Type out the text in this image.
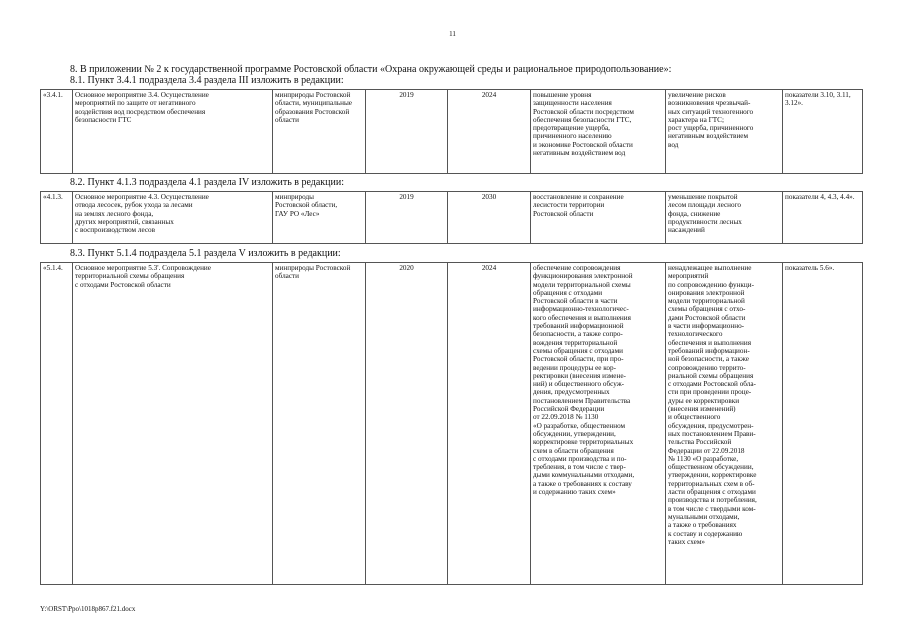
11
8. В приложении № 2 к государственной программе Ростовской области «Охрана окружающей среды и рациональное природопользование»:
8.1. Пункт 3.4.1 подраздела 3.4 раздела III изложить в редакции:
«3.4.1.	Основное мероприятие 3.4. Осуществление
мероприятий по защите от негативного
воздействия вод посредством обеспечения
безопасности ГТС	минприроды Ростовской
области, муниципальные
образования Ростовской
области	2019	2024	повышение уровня
защищенности населения
Ростовской области посредством
обеспечения безопасности ГТС,
предотвращение ущерба,
причиненного населению
и экономике Ростовской области
негативным воздействием вод	увеличение рисков
возникновения чрезвычай-
ных ситуаций техногенного
характера на ГТС;
рост ущерба, причиненного
негативным воздействием
вод	показатели 3.10, 3.11,
3.12».
8.2. Пункт 4.1.3 подраздела 4.1 раздела IV изложить в редакции:
«4.1.3.	Основное мероприятие 4.3. Осуществление
отвода лесосек, рубок ухода за лесами
на землях лесного фонда,
других мероприятий, связанных
с воспроизводством лесов	минприроды
Ростовской области,
ГАУ РО «Лес»	2019	2030	восстановление и сохранение
лесистости территории
Ростовской области	уменьшение покрытой
лесом площади лесного
фонда, снижение
продуктивности лесных
насаждений	показатели 4, 4.3, 4.4».
8.3. Пункт 5.1.4 подраздела 5.1 раздела V изложить в редакции:
«5.1.4.	Основное мероприятие 5.3'. Сопровождение
территориальной схемы обращения
с отходами Ростовской области	минприроды Ростовской
области	2020	2024	обеспечение сопровождения
функционирования электронной
модели территориальной схемы
обращения с отходами
Ростовской области в части
информационно-технологичес-
кого обеспечения и выполнения
требований информационной
безопасности, а также сопро-
вождения территориальной
схемы обращения с отходами
Ростовской области, при про-
ведении процедуры ее кор-
ректировки (внесения измене-
ний) и общественного обсуж-
дения, предусмотренных
постановлением Правительства
Российской Федерации
от 22.09.2018 № 1130
«О разработке, общественном
обсуждении, утверждении,
корректировке территориальных
схем в области обращения
с отходами производства и по-
требления, в том числе с твер-
дыми коммунальными отходами,
а также о требованиях к составу
и содержанию таких схем»	ненадлежащее выполнение
мероприятий
по сопровождению функци-
онирования электронной
модели территориальной
схемы обращения с отхо-
дами Ростовской области
в части информационно-
технологического
обеспечения и выполнения
требований информацион-
ной безопасности, а также
сопровождению террито-
риальной схемы обращения
с отходами Ростовской обла-
сти при проведении проце-
дуры ее корректировки
(внесения изменений)
и общественного
обсуждения, предусмотрен-
ных постановлением Прави-
тельства Российской
Федерации от 22.09.2018
№ 1130 «О разработке,
общественном обсуждении,
утверждении, корректировке
территориальных схем в об-
ласти обращения с отходами
производства и потребления,
в том числе с твердыми ком-
мунальными отходами,
а также о требованиях
к составу и содержанию
таких схем»	показатель 5.6».
Y:\ORST\Ppo\1018p867.f21.docx
